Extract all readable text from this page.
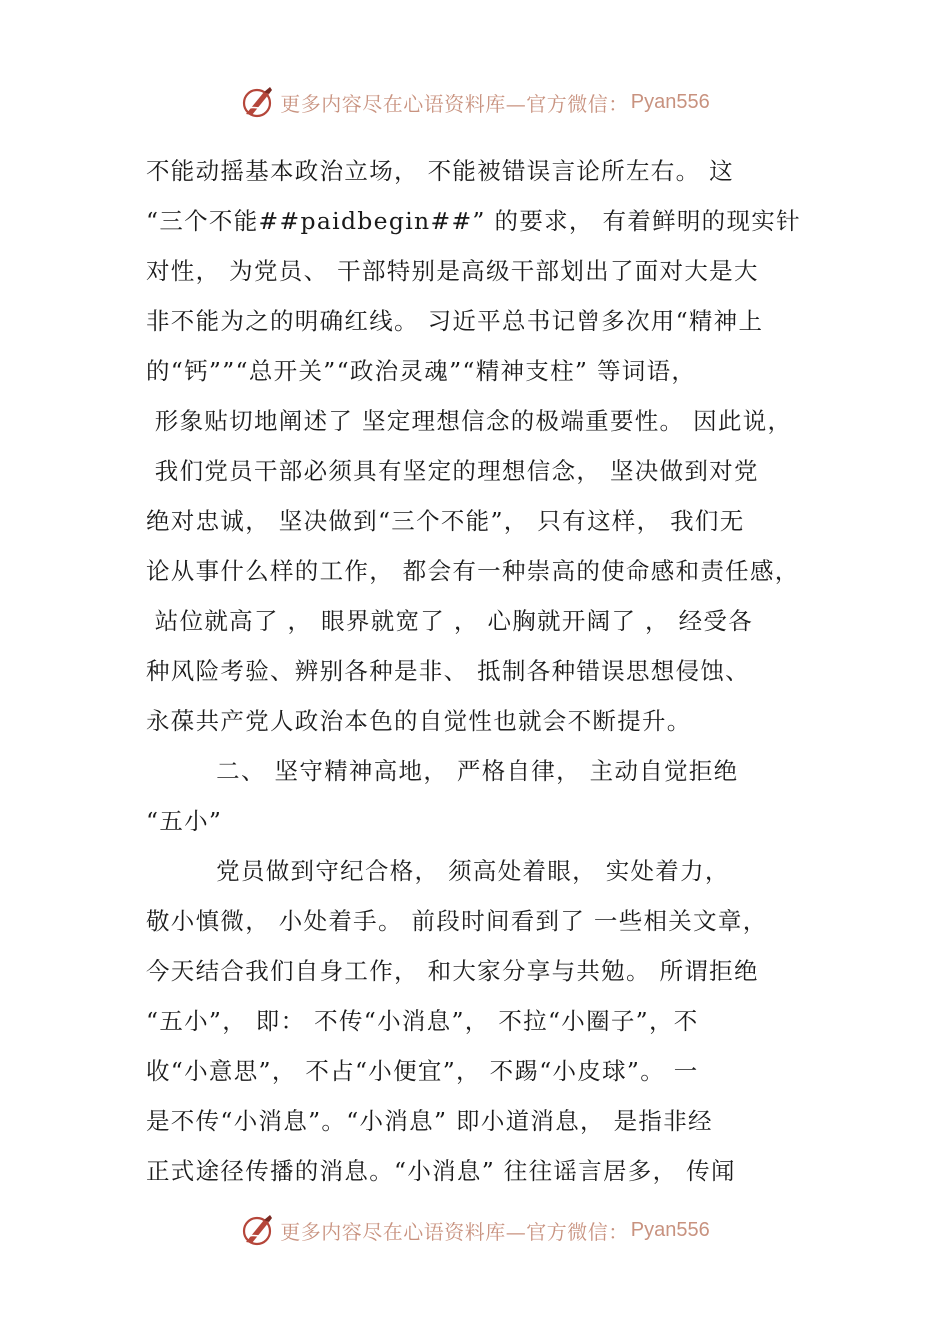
更多内容尽在心语资料库—官方微信： Pyan556
不能动摇基本政治立场， 不能被错误言论所左右。 这
“三个不能##paidbegin##” 的要求， 有着鲜明的现实针
对性， 为党员、 干部特别是高级干部划出了面对大是大
非不能为之的明确红线。 习近平总书记曾多次用“精神上
的“钙””“总开关”“政治灵魂”“精神支柱” 等词语，
形象贴切地阐述了 坚定理想信念的极端重要性。 因此说，
我们党员干部必须具有坚定的理想信念， 坚决做到对党
绝对忠诚， 坚决做到“三个不能”， 只有这样， 我们无
论从事什么样的工作， 都会有一种崇高的使命感和责任感，
站位就高了 ， 眼界就宽了 ， 心胸就开阔了 ， 经受各
种风险考验、辨别各种是非、 抵制各种错误思想侵蚀、
永葆共产党人政治本色的自觉性也就会不断提升。
二、 坚守精神高地， 严格自律， 主动自觉拒绝
“五小”
党员做到守纪合格， 须高处着眼， 实处着力，
敬小慎微， 小处着手。 前段时间看到了 一些相关文章，
今天结合我们自身工作， 和大家分享与共勉。 所谓拒绝
“五小”， 即： 不传“小消息”， 不拉“小圈子”，不
收“小意思”， 不占“小便宜”， 不踢“小皮球”。 一
是不传“小消息”。“小消息” 即小道消息， 是指非经
正式途径传播的消息。“小消息” 往往谣言居多， 传闻
更多内容尽在心语资料库—官方微信： Pyan556
